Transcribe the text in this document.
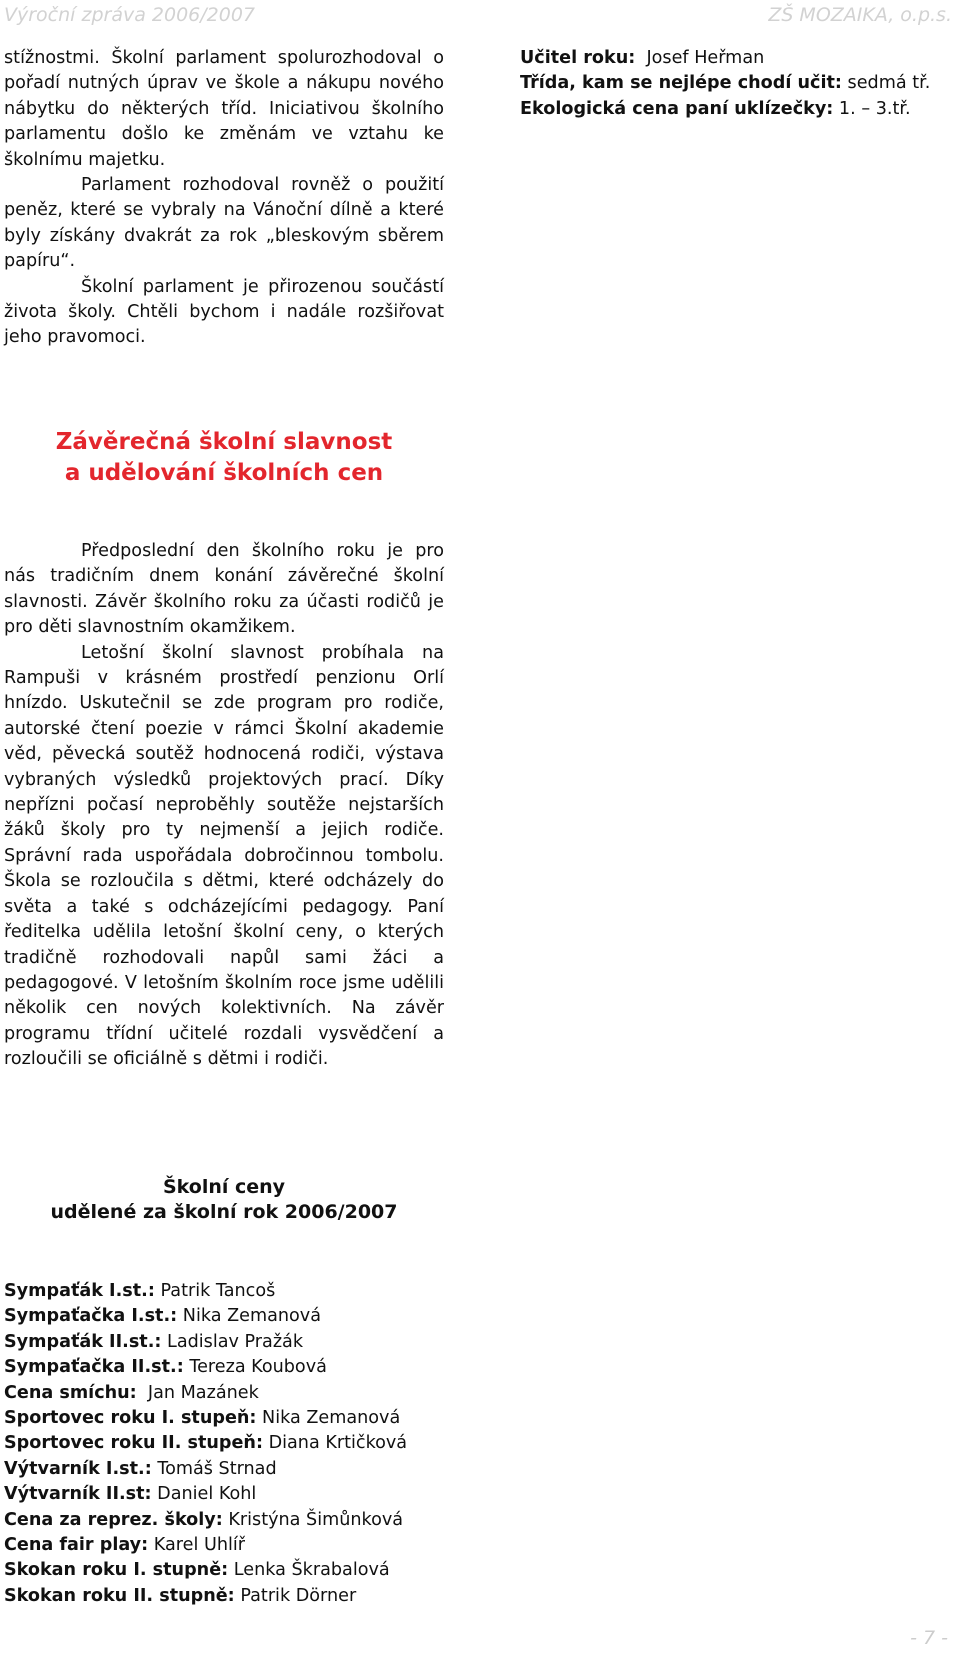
Výroční zpráva 2006/2007	ZŠ MOZAIKA, o.p.s.

stížnostmi. Školní parlament spolurozhodoval o pořadí nutných úprav ve škole a nákupu nového nábytku do některých tříd. Iniciativou školního parlamentu došlo ke změnám ve vztahu ke školnímu majetku.

Parlament rozhodoval rovněž o použití peněz, které se vybraly na Vánoční dílně a které byly získány dvakrát za rok „bleskovým sběrem papíru“.

Školní parlament je přirozenou součástí života školy. Chtěli bychom i nadále rozšiřovat jeho pravomoci.

Učitel roku:  Josef Heřman
Třída, kam se nejlépe chodí učit: sedmá tř.
Ekologická cena paní uklízečky: 1. – 3.tř.
Závěrečná školní slavnost
a udělování školních cen

Předposlední den školního roku je pro nás tradičním dnem konání závěrečné školní slavnosti. Závěr školního roku za účasti rodičů je pro děti slavnostním okamžikem.

Letošní školní slavnost probíhala na Rampuši v krásném prostředí penzionu Orlí hnízdo. Uskutečnil se zde program pro rodiče, autorské čtení poezie v rámci Školní akademie věd, pěvecká soutěž hodnocená rodiči, výstava vybraných výsledků projektových prací. Díky nepřízni počasí neproběhly soutěže nejstarších žáků školy pro ty nejmenší a jejich rodiče. Správní rada uspořádala dobročinnou tombolu. Škola se rozloučila s dětmi, které odcházely do světa a také s odcházejícími pedagogy. Paní ředitelka udělila letošní školní ceny, o kterých tradičně rozhodovali napůl sami žáci a pedagogové. V letošním školním roce jsme udělili několik cen nových kolektivních. Na závěr programu třídní učitelé rozdali vysvědčení a rozloučili se oficiálně s dětmi i rodiči.

Školní ceny
udělené za školní rok 2006/2007
Sympaťák I.st.: Patrik Tancoš
Sympaťačka I.st.: Nika Zemanová
Sympaťák II.st.: Ladislav Pražák
Sympaťačka II.st.: Tereza Koubová
Cena smíchu:  Jan Mazánek
Sportovec roku I. stupeň: Nika Zemanová
Sportovec roku II. stupeň: Diana Krtičková
Výtvarník I.st.: Tomáš Strnad
Výtvarník II.st: Daniel Kohl
Cena za reprez. školy: Kristýna Šimůnková
Cena fair play: Karel Uhlíř
Skokan roku I. stupně: Lenka Škrabalová
Skokan roku II. stupně: Patrik Dörner
- 7 -
